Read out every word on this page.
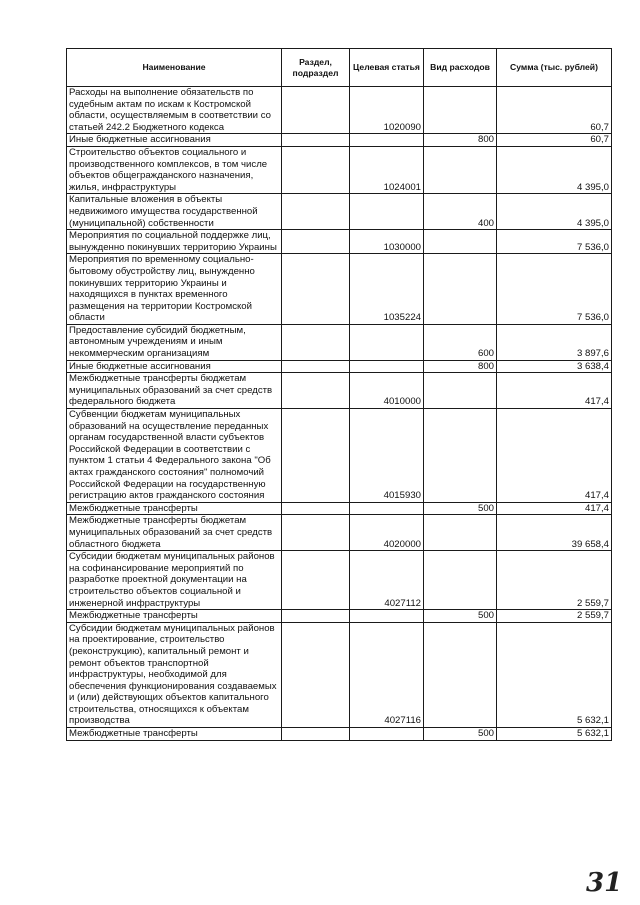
Наименование	Раздел, подраздел	Целевая статья	Вид расходов	Сумма (тыс. рублей)
Расходы на выполнение обязательств по судебным актам по искам к Костромской области, осуществляемым в соответствии со статьей 242.2 Бюджетного кодекса		1020090		60,7
Иные бюджетные ассигнования			800	60,7
Строительство объектов социального и производственного комплексов, в том числе объектов общегражданского назначения, жилья, инфраструктуры		1024001		4 395,0
Капитальные вложения в объекты недвижимого имущества государственной (муниципальной) собственности			400	4 395,0
Мероприятия по социальной поддержке лиц, вынужденно покинувших территорию Украины		1030000		7 536,0
Мероприятия по временному социально-бытовому обустройству лиц, вынужденно покинувших территорию Украины и находящихся в пунктах временного размещения на территории Костромской области		1035224		7 536,0
Предоставление субсидий бюджетным, автономным учреждениям и иным некоммерческим организациям			600	3 897,6
Иные бюджетные ассигнования			800	3 638,4
Межбюджетные трансферты бюджетам муниципальных образований за счет средств федерального бюджета		4010000		417,4
Субвенции бюджетам муниципальных образований на осуществление переданных органам государственной власти субъектов Российской Федерации в соответствии с пунктом 1 статьи 4 Федерального закона "Об актах гражданского состояния" полномочий Российской Федерации на государственную регистрацию актов гражданского состояния		4015930		417,4
Межбюджетные трансферты			500	417,4
Межбюджетные трансферты бюджетам муниципальных образований за счет средств областного бюджета		4020000		39 658,4
Субсидии бюджетам муниципальных районов на софинансирование мероприятий по разработке проектной документации на строительство объектов социальной и инженерной инфраструктуры		4027112		2 559,7
Межбюджетные трансферты			500	2 559,7
Субсидии бюджетам муниципальных районов на проектирование, строительство (реконструкцию), капитальный ремонт и ремонт объектов транспортной инфраструктуры, необходимой для обеспечения функционирования создаваемых и (или) действующих объектов капитального строительства, относящихся к объектам производства		4027116		5 632,1
Межбюджетные трансферты			500	5 632,1
31
